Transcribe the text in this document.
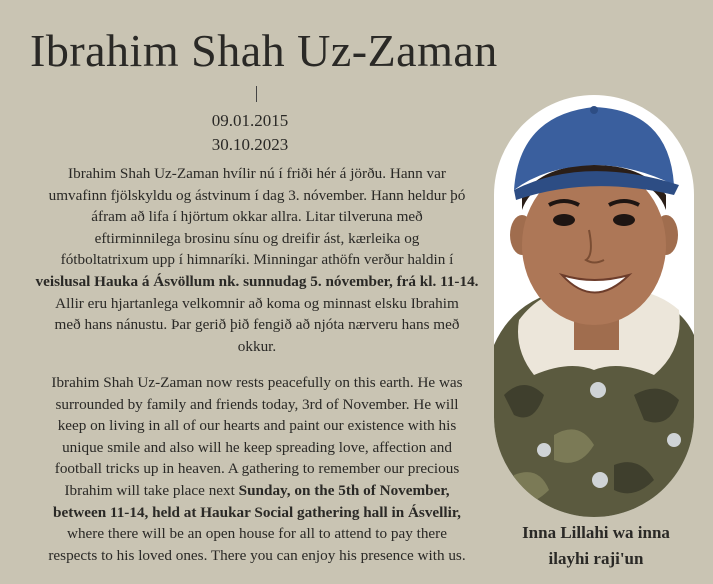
Ibrahim Shah Uz-Zaman
09.01.2015
30.10.2023
Ibrahim Shah Uz-Zaman hvílir nú í friði hér á jörðu. Hann var
umvafinn fjölskyldu og ástvinum í dag 3. nóvember. Hann heldur þó
áfram að lifa í hjörtum okkar allra. Litar tilveruna með
eftirminnilega brosinu sínu og dreifir ást, kærleika og
fótboltatrixum upp í himnaríki. Minningar athöfn verður haldin í
veislusal Hauka á Ásvöllum nk. sunnudag 5. nóvember, frá kl. 11-14.
Allir eru hjartanlega velkomnir að koma og minnast elsku Ibrahim
með hans nánustu. Þar gerið þið fengið að njóta nærveru hans með
okkur.
Ibrahim Shah Uz-Zaman now rests peacefully on this earth. He was
surrounded by family and friends today, 3rd of November. He will
keep on living in all of our hearts and paint our existence with his
unique smile and also will he keep spreading love, affection and
football tricks up in heaven. A gathering to remember our precious
Ibrahim will take place next Sunday, on the 5th of November,
between 11-14, held at Haukar Social gathering hall in Ásvellir,
where there will be an open house for all to attend to pay there
respects to his loved ones. There you can enjoy his presence with us.
Inna Lillahi wa inna
ilayhi raji'un
